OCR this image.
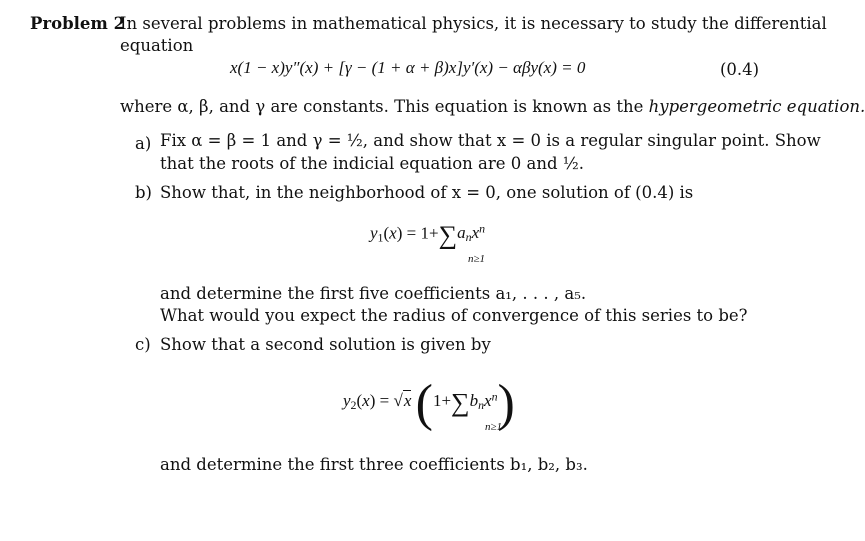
Problem 2
In several problems in mathematical physics, it is necessary to study the differential
equation
x(1 − x)y″(x) + [γ − (1 + α + β)x]y′(x) − αβy(x) = 0	(0.4)
where α, β, and γ are constants. This equation is known as the hypergeometric equation.
a) Fix α = β = 1 and γ = ½, and show that x = 0 is a regular singular point. Show
that the roots of the indicial equation are 0 and ½.
b) Show that, in the neighborhood of x = 0, one solution of (0.4) is
$y_1(x) = 1+\sum a_nx^n$
n≥1
and determine the first five coefficients a₁, . . . , a₅.
What would you expect the radius of convergence of this series to be?
c) Show that a second solution is given by
$y_2(x) = √x$ $(1+\sum b_nx^n)$
n≥1
and determine the first three coefficients b₁, b₂, b₃.
